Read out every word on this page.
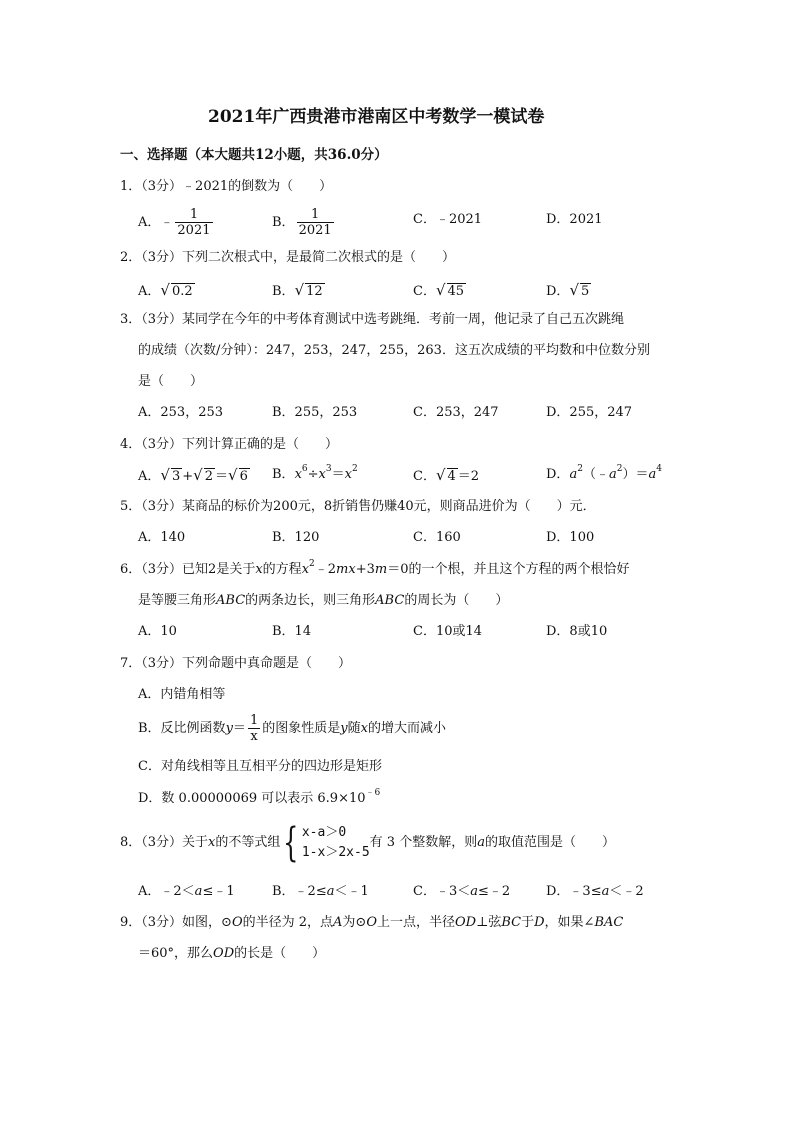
2021年广西贵港市港南区中考数学一模试卷
一、选择题（本大题共12小题，共36.0分）
1．（3分）﹣2021的倒数为（　　）
A．﹣ $\frac{1}{2021}$	B． $\frac{1}{2021}$	C．﹣2021	D．2021
2．（3分）下列二次根式中，是最简二次根式的是（　　）
A．√ 0.2	B．√ 12	C．√ 45	D．√ 5
3．（3分）某同学在今年的中考体育测试中选考跳绳．考前一周，他记录了自己五次跳绳
的成绩（次数/分钟）：247，253，247，255，263．这五次成绩的平均数和中位数分别
是（　　）
A．253，253	B．255，253	C．253，247	D．255，247
4．（3分）下列计算正确的是（　　）
A．√ 3 +√ 2 ＝√ 6 B．$x^6\div x^3=x^2$	C．√ 4 ＝2	D．$a^2(﹣a^2)=a^4$
5．（3分）某商品的标价为200元，8折销售仍赚40元，则商品进价为（　　）元．
A．140	B．120	C．160	D．100
6．（3分）已知2是关于x的方程$x^2﹣2mx+3m=0$的一个根，并且这个方程的两个根恰好
是等腰三角形ABC的两条边长，则三角形ABC的周长为（　　）
A．10	B．14	C．10或14	D．8或10
7．（3分）下列命题中真命题是（　　）
A．内错角相等
B．反比例函数$y= \frac{1}{x}$ 的图象性质是y随x的增大而减小
C．对角线相等且互相平分的四边形是矩形
D．数 0.00000069 可以表示 $6.9\times 10^{﹣6}$
8．（3分）关于x的不等式组{ x-a＞0
1-x＞2x-5
有 3 个整数解，则a的取值范围是（　　）
A．﹣2＜a≤﹣1	B．﹣2≤a＜﹣1	C．﹣3＜a≤﹣2	D．﹣3≤a＜﹣2
9．（3分）如图，⊙O的半径为 2，点A为⊙O上一点，半径OD⊥弦BC于D，如果∠BAC
＝60°，那么OD的长是（　　）
